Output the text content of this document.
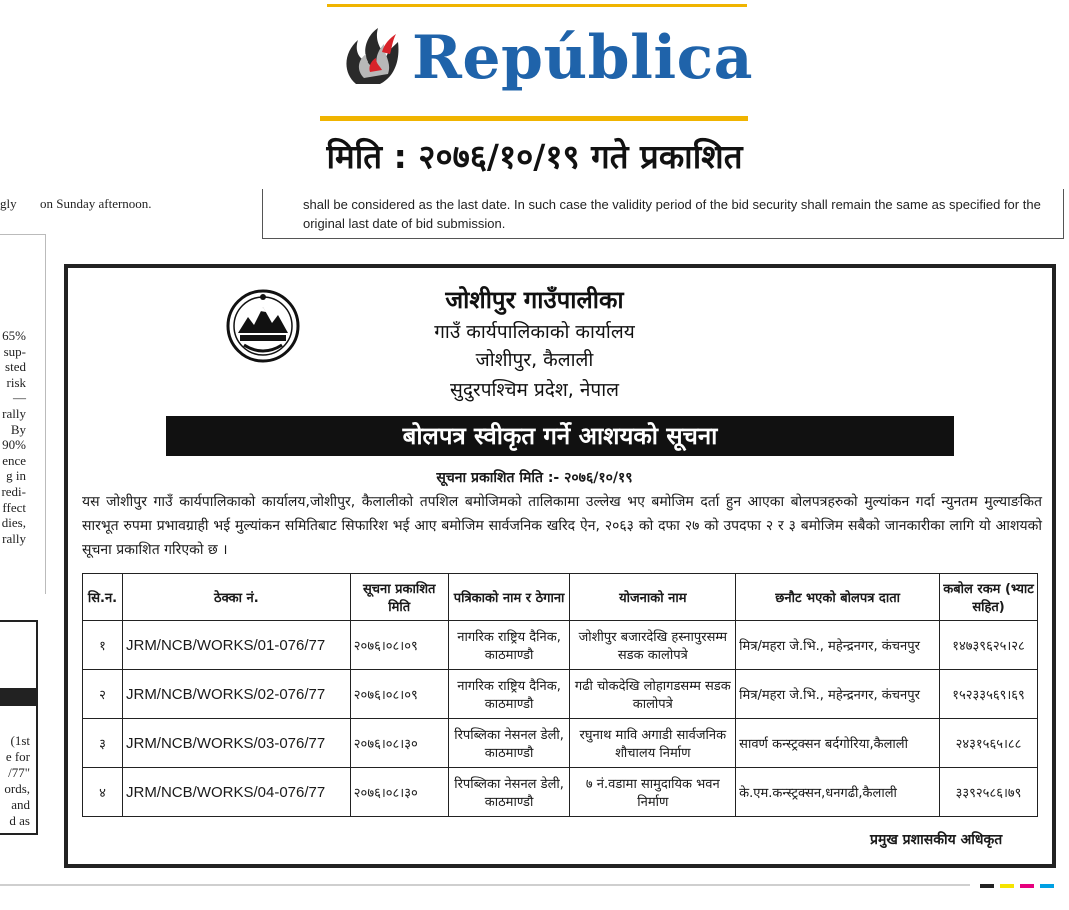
República
मिति : २०७६/१०/१९ गते प्रकाशित
gly on Sunday afternoon.	shall be considered as the last date. In such case the validity period of the bid security shall remain the same as specified for the original last date of bid submission.
65%
sup-
sted
risk
—
rally
By
90%
ence
g in
redi-
ffect
dies,
rally
(1st
e for
/77"
ords,
and
d as
जोशीपुर गाउँपालीका
गाउँ कार्यपालिकाको कार्यालय
जोशीपुर, कैलाली
सुदुरपश्चिम प्रदेश, नेपाल
बोलपत्र स्वीकृत गर्ने आशयको सूचना
सूचना प्रकाशित मिति :- २०७६/१०/१९
यस जोशीपुर गाउँ कार्यपालिकाको कार्यालय,जोशीपुर, कैलालीको तपशिल बमोजिमको तालिकामा उल्लेख भए बमोजिम दर्ता हुन आएका बोलपत्रहरुको मुल्यांकन गर्दा न्युनतम मुल्याङकित सारभूत रुपमा प्रभावग्राही भई मुल्यांकन समितिबाट सिफारिश भई आए बमोजिम सार्वजनिक खरिद ऐन, २०६३ को दफा २७ को उपदफा २ र ३ बमोजिम सबैको जानकारीका लागि यो आशयको सूचना प्रकाशित गरिएको छ ।
सि.न.	ठेक्का नं.	सूचना प्रकाशित मिति	पत्रिकाको नाम र ठेगाना	योजनाको नाम	छनौट भएको बोलपत्र दाता	कबोल रकम (भ्याट सहित)
१	JRM/NCB/WORKS/01-076/77	२०७६।०८।०९	नागरिक राष्ट्रिय दैनिक, काठमाण्डौ	जोशीपुर बजारदेखि हस्नापुरसम्म सडक कालोपत्रे	मित्र/महरा जे.भि., महेन्द्रनगर, कंचनपुर	१४७३९६२५।२८
२	JRM/NCB/WORKS/02-076/77	२०७६।०८।०९	नागरिक राष्ट्रिय दैनिक, काठमाण्डौ	गढी चोकदेखि लोहागडसम्म सडक कालोपत्रे	मित्र/महरा जे.भि., महेन्द्रनगर, कंचनपुर	१५२३३५६९।६९
३	JRM/NCB/WORKS/03-076/77	२०७६।०८।३०	रिपब्लिका नेसनल डेली, काठमाण्डौ	रघुनाथ मावि अगाडी सार्वजनिक शौचालय निर्माण	सावर्ण कन्स्ट्रक्सन बर्दगोरिया,कैलाली	२४३१५६५।८८
४	JRM/NCB/WORKS/04-076/77	२०७६।०८।३०	रिपब्लिका नेसनल डेली, काठमाण्डौ	७ नं.वडामा सामुदायिक भवन निर्माण	के.एम.कन्स्ट्रक्सन,धनगढी,कैलाली	३३९२५८६।७९
प्रमुख प्रशासकीय अधिकृत
